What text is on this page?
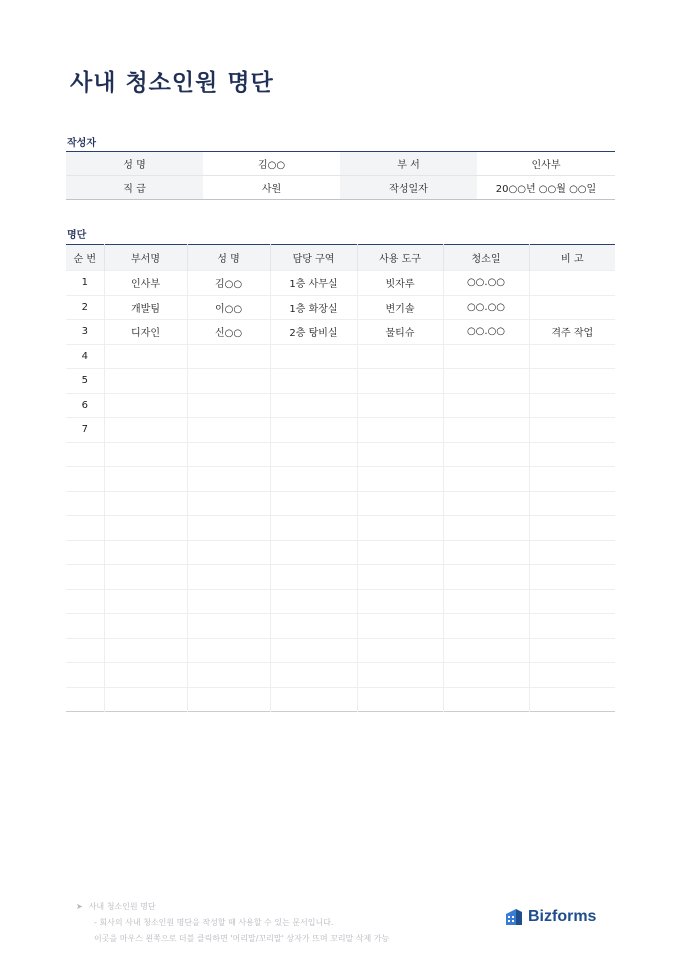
사내 청소인원 명단
작성자
성 명	김○○	부 서	인사부
직 급	사원	작성일자	20○○년 ○○월 ○○일
명단
순 번	부서명	성 명	담당 구역	사용 도구	청소일	비 고
1	인사부	김○○	1층 사무실	빗자루	○○.○○	
2	개발팀	이○○	1층 화장실	변기솔	○○.○○	
3	디자인	신○○	2층 탕비실	물티슈	○○.○○	격주 작업
4						
5						
6						
7						

➤ 사내 청소인원 명단
- 회사의 사내 청소인원 명단을 작성할 때 사용할 수 있는 문서입니다.
이곳을 마우스 왼쪽으로 더블 클릭하면 '머리말/꼬리말' 상자가 뜨며 꼬리말 삭제 가능
Bizforms
